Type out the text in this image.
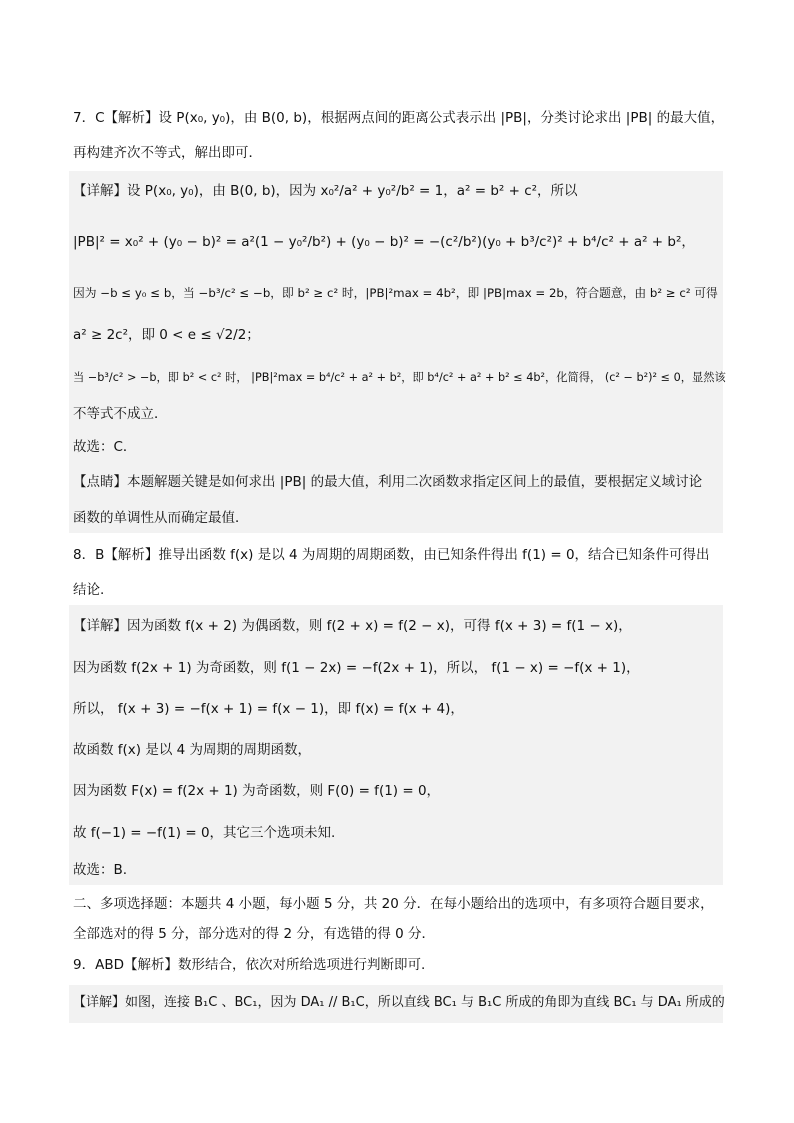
7．C【解析】设 P(x₀, y₀)，由 B(0, b)，根据两点间的距离公式表示出 |PB|，分类讨论求出 |PB| 的最大值，
再构建齐次不等式，解出即可．
【详解】设 P(x₀, y₀)，由 B(0, b)，因为 x₀²/a² + y₀²/b² = 1，a² = b² + c²，所以
|PB|² = x₀² + (y₀ − b)² = a²(1 − y₀²/b²) + (y₀ − b)² = −(c²/b²)(y₀ + b³/c²)² + b⁴/c² + a² + b²，
因为 −b ≤ y₀ ≤ b，当 −b³/c² ≤ −b，即 b² ≥ c² 时，|PB|²max = 4b²，即 |PB|max = 2b，符合题意，由 b² ≥ c² 可得
a² ≥ 2c²，即 0 < e ≤ √2/2；
当 −b³/c² > −b，即 b² < c² 时， |PB|²max = b⁴/c² + a² + b²，即 b⁴/c² + a² + b² ≤ 4b²，化简得， (c² − b²)² ≤ 0，显然该
不等式不成立．
故选：C．
【点睛】本题解题关键是如何求出 |PB| 的最大值，利用二次函数求指定区间上的最值，要根据定义域讨论
函数的单调性从而确定最值．
8．B【解析】推导出函数 f(x) 是以 4 为周期的周期函数，由已知条件得出 f(1) = 0，结合已知条件可得出
结论.
【详解】因为函数 f(x + 2) 为偶函数，则 f(2 + x) = f(2 − x)，可得 f(x + 3) = f(1 − x)，
因为函数 f(2x + 1) 为奇函数，则 f(1 − 2x) = −f(2x + 1)，所以， f(1 − x) = −f(x + 1)，
所以， f(x + 3) = −f(x + 1) = f(x − 1)，即 f(x) = f(x + 4)，
故函数 f(x) 是以 4 为周期的周期函数，
因为函数 F(x) = f(2x + 1) 为奇函数，则 F(0) = f(1) = 0，
故 f(−1) = −f(1) = 0，其它三个选项未知.
故选：B.
二、多项选择题：本题共 4 小题，每小题 5 分，共 20 分．在每小题给出的选项中，有多项符合题目要求，
全部选对的得 5 分，部分选对的得 2 分，有选错的得 0 分．
9．ABD【解析】数形结合，依次对所给选项进行判断即可.
【详解】如图，连接 B₁C 、BC₁，因为 DA₁ // B₁C，所以直线 BC₁ 与 B₁C 所成的角即为直线 BC₁ 与 DA₁ 所成的
